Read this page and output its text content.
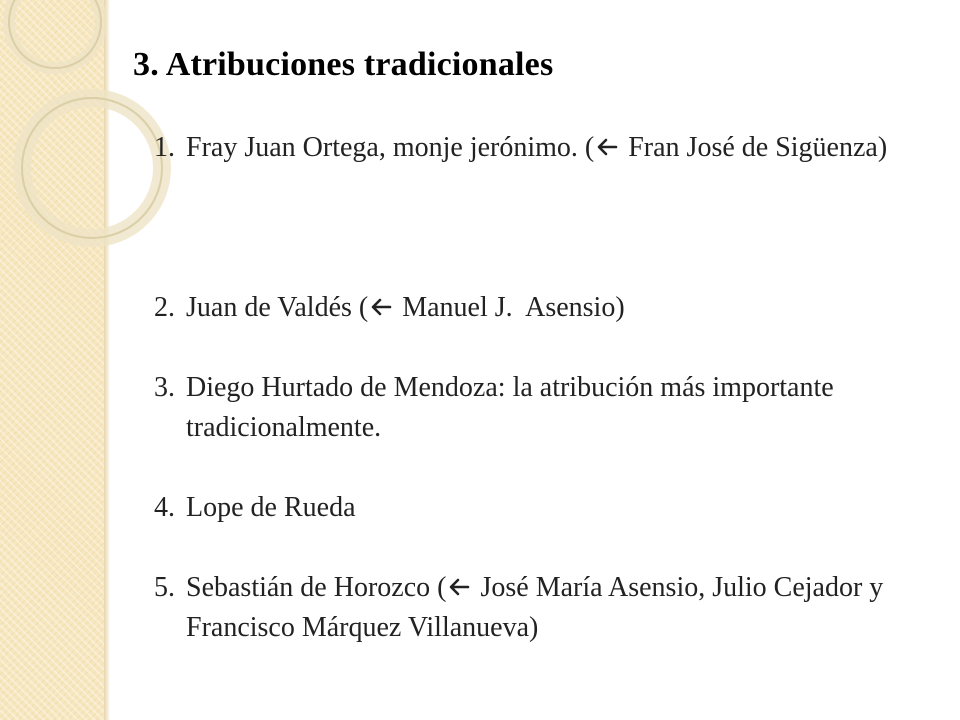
3. Atribuciones tradicionales
1. Fray Juan Ortega, monje jerónimo. ( Fran José de Sigüenza)
2. Juan de Valdés ( Manuel J.  Asensio)
3. Diego Hurtado de Mendoza: la atribución más importante tradicionalmente.
4. Lope de Rueda
5. Sebastián de Horozco ( José María Asensio, Julio Cejador y Francisco Márquez Villanueva)
